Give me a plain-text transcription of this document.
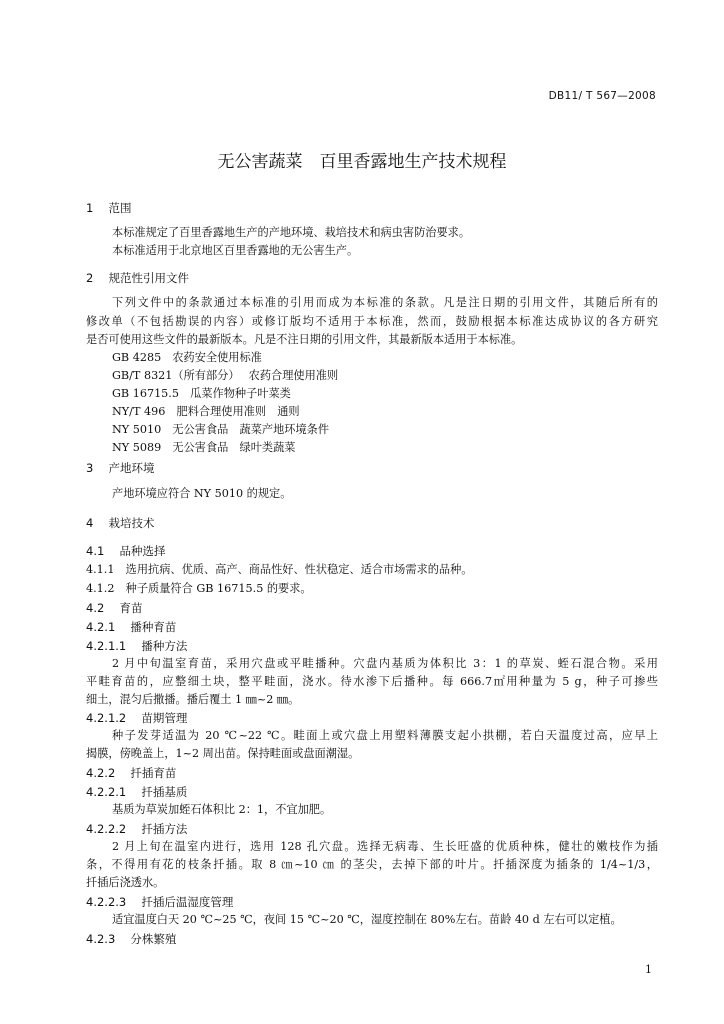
DB11/ T 567—2008
无公害蔬菜　百里香露地生产技术规程
1　 范围
本标准规定了百里香露地生产的产地环境、栽培技术和病虫害防治要求。
本标准适用于北京地区百里香露地的无公害生产。
2　 规范性引用文件
下列文件中的条款通过本标准的引用而成为本标准的条款。凡是注日期的引用文件，其随后所有的
修改单（不包括勘误的内容）或修订版均不适用于本标准，然而，鼓励根据本标准达成协议的各方研究
是否可使用这些文件的最新版本。凡是不注日期的引用文件，其最新版本适用于本标准。
GB 4285　农药安全使用标准
GB/T 8321（所有部分）　 农药合理使用准则
GB 16715.5　瓜菜作物种子叶菜类
NY/T 496　肥料合理使用准则　通则
NY 5010　无公害食品　蔬菜产地环境条件
NY 5089　无公害食品　绿叶类蔬菜
3　 产地环境
产地环境应符合 NY 5010 的规定。
4　 栽培技术
4.1　 品种选择
4.1.1　选用抗病、优质、高产、商品性好、性状稳定、适合市场需求的品种。
4.1.2　种子质量符合 GB 16715.5 的要求。
4.2　 育苗
4.2.1　 播种育苗
4.2.1.1　 播种方法
2 月中旬温室育苗，采用穴盘或平畦播种。穴盘内基质为体积比 3：1 的草炭、蛭石混合物。采用
平畦育苗的，应整细土块，整平畦面，浇水。待水渗下后播种。每 666.7㎡用种量为 5 g，种子可掺些
细土，混匀后撒播。播后覆土 1 ㎜~2 ㎜。
4.2.1.2　 苗期管理
种子发芽适温为 20 ℃~22 ℃。畦面上或穴盘上用塑料薄膜支起小拱棚，若白天温度过高，应早上
揭膜，傍晚盖上，1~2 周出苗。保持畦面或盘面潮湿。
4.2.2　 扦插育苗
4.2.2.1　 扦插基质
基质为草炭加蛭石体积比 2：1，不宜加肥。
4.2.2.2　 扦插方法
2 月上旬在温室内进行，选用 128 孔穴盘。选择无病毒、生长旺盛的优质种株，健壮的嫩枝作为插
条，不得用有花的枝条扦插。取 8 ㎝~10 ㎝ 的茎尖，去掉下部的叶片。扦插深度为插条的 1/4~1/3，
扦插后浇透水。
4.2.2.3　 扦插后温湿度管理
适宜温度白天 20 ℃~25 ℃，夜间 15 ℃~20 ℃，湿度控制在 80%左右。苗龄 40 d 左右可以定植。
4.2.3　 分株繁殖
1
